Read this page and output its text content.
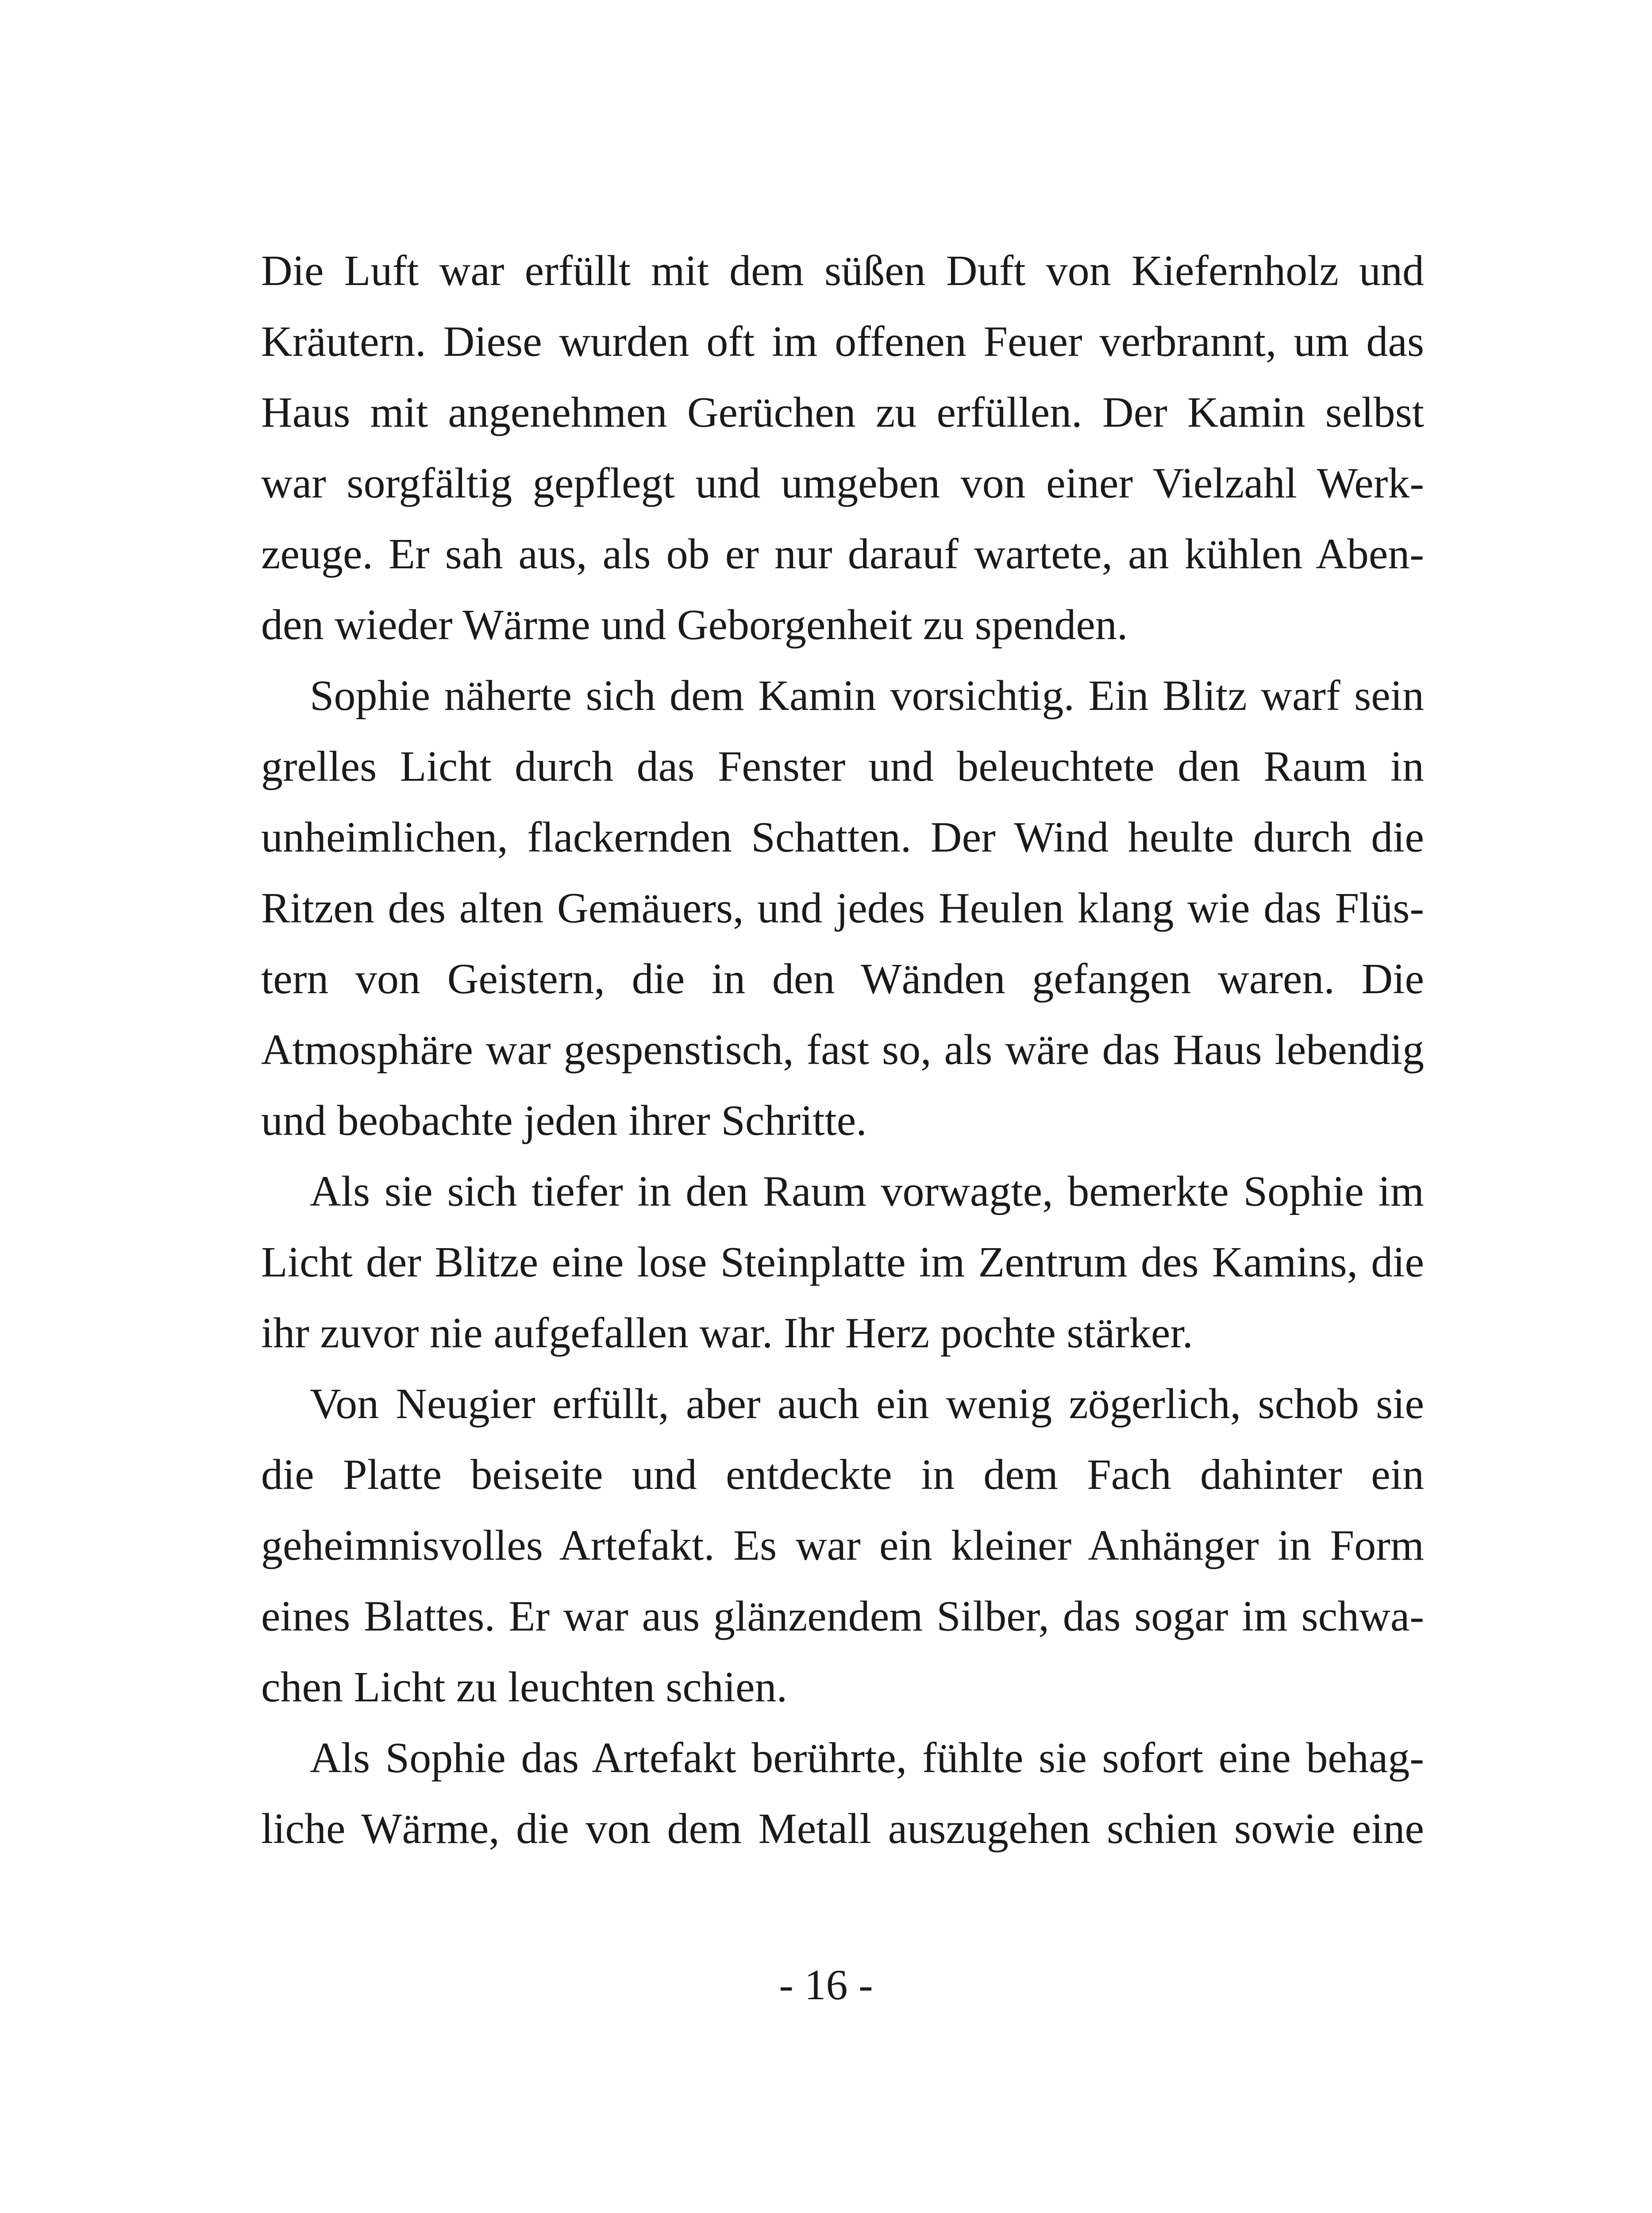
Die Luft war erfüllt mit dem süßen Duft von Kiefernholz und
Kräutern. Diese wurden oft im offenen Feuer verbrannt, um das
Haus mit angenehmen Gerüchen zu erfüllen. Der Kamin selbst
war sorgfältig gepflegt und umgeben von einer Vielzahl Werk-
zeuge. Er sah aus, als ob er nur darauf wartete, an kühlen Aben-
den wieder Wärme und Geborgenheit zu spenden.
Sophie näherte sich dem Kamin vorsichtig. Ein Blitz warf sein
grelles Licht durch das Fenster und beleuchtete den Raum in
unheimlichen, flackernden Schatten. Der Wind heulte durch die
Ritzen des alten Gemäuers, und jedes Heulen klang wie das Flüs-
tern von Geistern, die in den Wänden gefangen waren. Die
Atmosphäre war gespenstisch, fast so, als wäre das Haus lebendig
und beobachte jeden ihrer Schritte.
Als sie sich tiefer in den Raum vorwagte, bemerkte Sophie im
Licht der Blitze eine lose Steinplatte im Zentrum des Kamins, die
ihr zuvor nie aufgefallen war. Ihr Herz pochte stärker.
Von Neugier erfüllt, aber auch ein wenig zögerlich, schob sie
die Platte beiseite und entdeckte in dem Fach dahinter ein
geheimnisvolles Artefakt. Es war ein kleiner Anhänger in Form
eines Blattes. Er war aus glänzendem Silber, das sogar im schwa-
chen Licht zu leuchten schien.
Als Sophie das Artefakt berührte, fühlte sie sofort eine behag-
liche Wärme, die von dem Metall auszugehen schien sowie eine
- 16 -
